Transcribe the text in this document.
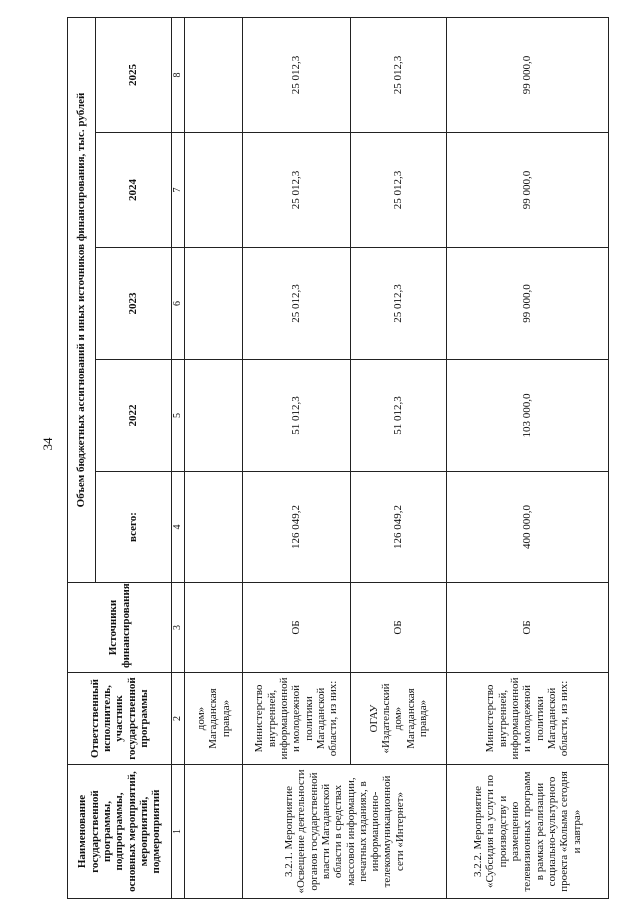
34
Наименование государственной программы, подпрограммы, основных мероприятий, мероприятий, подмероприятий	Ответственный исполнитель, участник государственной программы	Источники финансирования	Объем бюджетных ассигнований и иных источников финансирования, тыс. рублей				
			всего:	2022	2023	2024	2025
1	2	3	4	5	6	7	8
	дом» Магаданская правда»						
3.2.1. Мероприятие «Освещение деятельности органов государственной власти Магаданской области в средствах массовой информации, печатных изданиях, в информационно-телекоммуникационной сети «Интернет»	Министерство внутренней, информационной и молодежной политики Магаданской области, из них:	ОБ	126 049,2	51 012,3	25 012,3	25 012,3	25 012,3
	ОГАУ «Издательский дом» Магаданская правда»	ОБ	126 049,2	51 012,3	25 012,3	25 012,3	25 012,3
3.2.2. Мероприятие «Субсидия на услуги по производству и размещению телевизионных программ в рамках реализации социально-культурного проекта «Колыма сегодня и завтра»	Министерство внутренней, информационной и молодежной политики Магаданской области, из них:	ОБ	400 000,0	103 000,0	99 000,0	99 000,0	99 000,0
